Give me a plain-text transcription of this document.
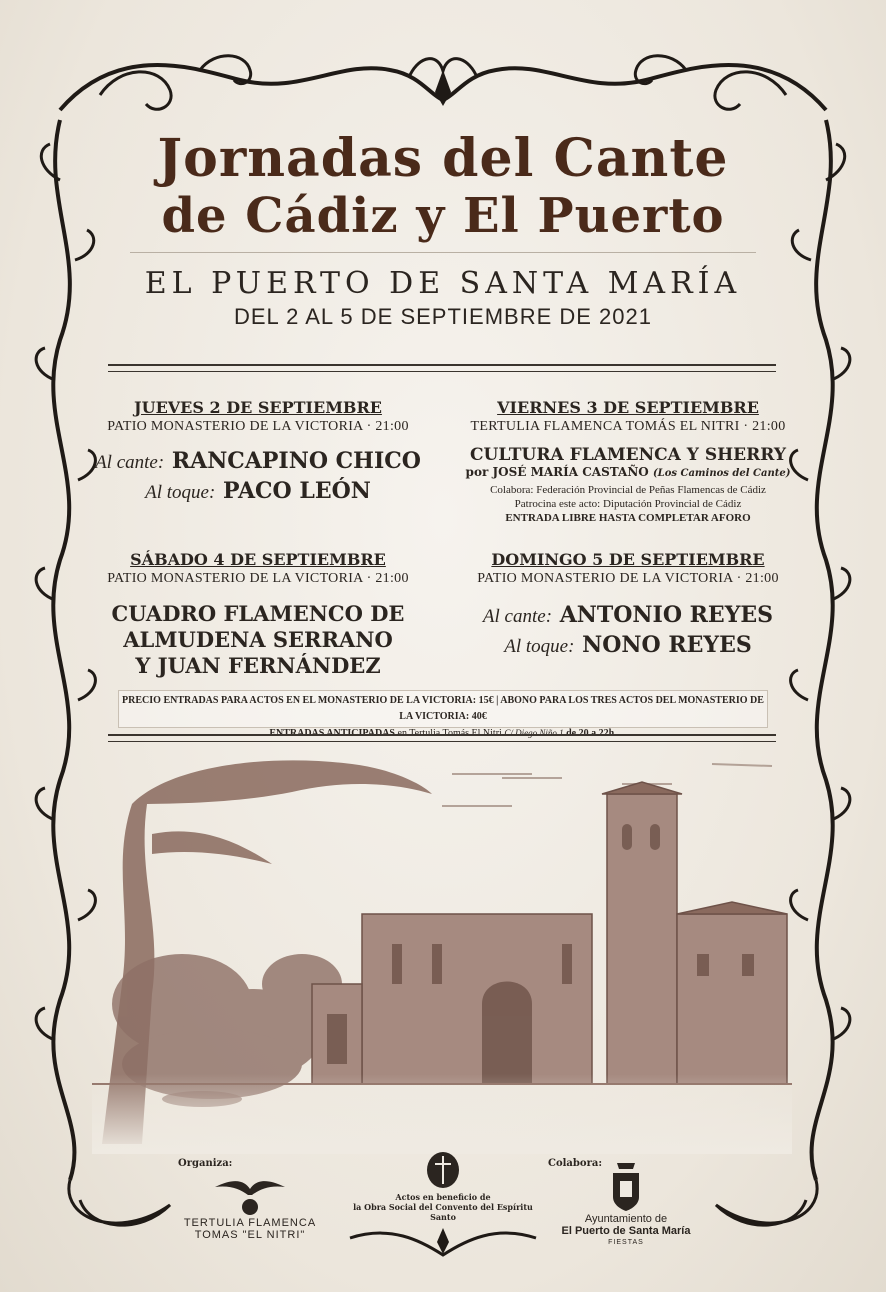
Jornadas del Cante
de Cádiz y El Puerto
EL PUERTO DE SANTA MARÍA
DEL 2 AL 5 DE SEPTIEMBRE DE 2021
JUEVES 2 DE SEPTIEMBRE
PATIO MONASTERIO DE LA VICTORIA · 21:00
Al cante: RANCAPINO CHICO
Al toque: PACO LEÓN
VIERNES 3 DE SEPTIEMBRE
TERTULIA FLAMENCA TOMÁS EL NITRI · 21:00
CULTURA FLAMENCA Y SHERRY
por JOSÉ MARÍA CASTAÑO (Los Caminos del Cante)
Colabora: Federación Provincial de Peñas Flamencas de Cádiz
Patrocina este acto: Diputación Provincial de Cádiz
ENTRADA LIBRE HASTA COMPLETAR AFORO
SÁBADO 4 DE SEPTIEMBRE
PATIO MONASTERIO DE LA VICTORIA · 21:00
CUADRO FLAMENCO DE
ALMUDENA SERRANO
Y JUAN FERNÁNDEZ
DOMINGO 5 DE SEPTIEMBRE
PATIO MONASTERIO DE LA VICTORIA · 21:00
Al cante: ANTONIO REYES
Al toque: NONO REYES
PRECIO ENTRADAS PARA ACTOS EN EL MONASTERIO DE LA VICTORIA: 15€ | ABONO PARA LOS TRES ACTOS DEL MONASTERIO DE LA VICTORIA: 40€
ENTRADAS ANTICIPADAS en Tertulia Tomás El Nitri C/ Diego Niño 1 de 20 a 22h.
Organiza:
TERTULIA FLAMENCA
TOMAS "EL NITRI"
Actos en beneficio de
la Obra Social del Convento del Espíritu Santo
Colabora:
Ayuntamiento de
El Puerto de Santa María
FIESTAS
